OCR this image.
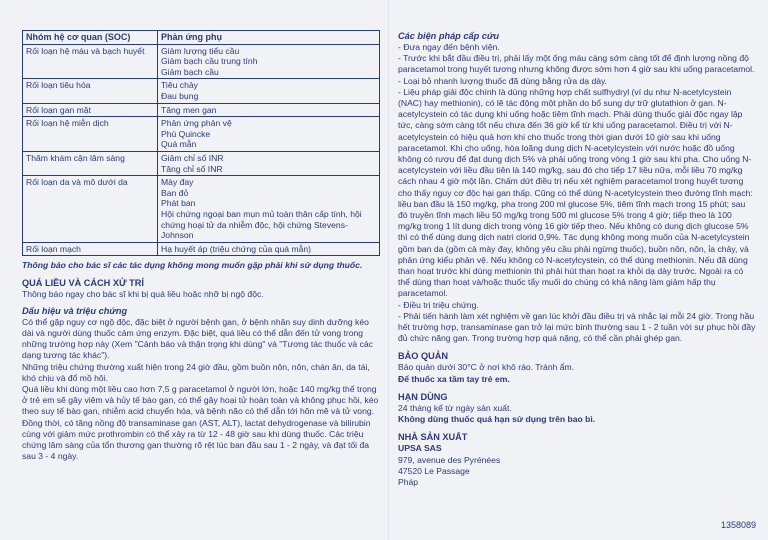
Nhóm hệ cơ quan (SOC)	Phản ứng phụ
Rối loạn hệ máu và bạch huyết	Giảm lượng tiểu cầu
Giảm bạch cầu trung tính
Giảm bạch cầu

Rối loạn tiêu hóa	Tiêu chảy
Đau bụng

Rối loạn gan mật	Tăng men gan

Rối loạn hệ miễn dịch	Phản ứng phản vệ
Phù Quincke
Quá mẫn

Thăm khám cận lâm sàng	Giảm chỉ số INR
Tăng chỉ số INR

Rối loạn da và mô dưới da	Mày đay
Ban đỏ
Phát ban
Hội chứng ngoại ban mụn mủ toàn thân cấp tính, hội chứng hoại tử da nhiễm độc, hội chứng Stevens-Johnson

Rối loạn mạch	Hạ huyết áp (triệu chứng của quá mẫn)

Thông báo cho bác sĩ các tác dụng không mong muốn gặp phải khi sử dụng thuốc.

QUÁ LIỀU VÀ CÁCH XỬ TRÍ

Thông báo ngay cho bác sĩ khi bị quá liều hoặc nhỡ bị ngộ độc.

Dấu hiệu và triệu chứng

Có thể gặp nguy cơ ngộ độc, đặc biệt ở người bệnh gan, ở bệnh nhân suy dinh dưỡng kéo dài và người dùng thuốc cảm ứng enzym. Đặc biệt, quá liều có thể dẫn đến tử vong trong những trường hợp này (Xem "Cảnh báo và thận trọng khi dùng" và "Tương tác thuốc và các dạng tương tác khác").

Những triệu chứng thường xuất hiện trong 24 giờ đầu, gồm buồn nôn, nôn, chán ăn, da tái, khó chịu và đổ mồ hôi.

Quá liều khi dùng một liều cao hơn 7,5 g paracetamol ở người lớn, hoặc 140 mg/kg thể trọng ở trẻ em sẽ gây viêm và hủy tế bào gan, có thể gây hoại tử hoàn toàn và không phục hồi, kéo theo suy tế bào gan, nhiễm acid chuyển hóa, và bệnh não có thể dẫn tới hôn mê và tử vong.

Đồng thời, có tăng nồng độ transaminase gan (AST, ALT), lactat dehydrogenase và bilirubin cùng với giảm mức prothrombin có thể xảy ra từ 12 - 48 giờ sau khi dùng thuốc. Các triệu chứng lâm sàng của tổn thương gan thường rõ rệt lúc ban đầu sau 1 - 2 ngày, và đạt tối đa sau 3 - 4 ngày.

Các biện pháp cấp cứu

- Đưa ngay đến bệnh viện.

- Trước khi bắt đầu điều trị, phải lấy một ống máu càng sớm càng tốt để định lượng nồng độ paracetamol trong huyết tương nhưng không được sớm hơn 4 giờ sau khi uống paracetamol.

- Loại bỏ nhanh lượng thuốc đã dùng bằng rửa dạ dày.

- Liệu pháp giải độc chính là dùng những hợp chất sulfhydryl (ví dụ như N-acetylcystein (NAC) hay methionin), có lẽ tác động một phần do bổ sung dự trữ glutathion ở gan. N-acetylcystein có tác dụng khi uống hoặc tiêm tĩnh mạch. Phải dùng thuốc giải độc ngay lập tức, càng sớm càng tốt nếu chưa đến 36 giờ kể từ khi uống paracetamol. Điều trị với N-acetylcystein có hiệu quả hơn khi cho thuốc trong thời gian dưới 10 giờ sau khi uống paracetamol. Khi cho uống, hòa loãng dung dịch N-acetylcystein với nước hoặc đồ uống không có rượu để đạt dung dịch 5% và phải uống trong vòng 1 giờ sau khi pha. Cho uống N-acetylcystein với liều đầu tiên là 140 mg/kg, sau đó cho tiếp 17 liều nữa, mỗi liều 70 mg/kg cách nhau 4 giờ một lần. Chấm dứt điều trị nếu xét nghiệm paracetamol trong huyết tương cho thấy nguy cơ độc hại gan thấp. Cũng có thể dùng N-acetylcystein theo đường tĩnh mạch: liều ban đầu là 150 mg/kg, pha trong 200 ml glucose 5%, tiêm tĩnh mạch trong 15 phút; sau đó truyền tĩnh mạch liều 50 mg/kg trong 500 ml glucose 5% trong 4 giờ; tiếp theo là 100 mg/kg trong 1 lít dung dịch trong vòng 16 giờ tiếp theo. Nếu không có dung dịch glucose 5% thì có thể dùng dung dịch natri clorid 0,9%. Tác dụng không mong muốn của N-acetylcystein gồm ban da (gồm cả mày đay, không yêu cầu phải ngừng thuốc), buồn nôn, nôn, ỉa chảy, và phản ứng kiểu phản vệ. Nếu không có N-acetylcystein, có thể dùng methionin. Nếu đã dùng than hoạt trước khi dùng methionin thì phải hút than hoạt ra khỏi dạ dày trước. Ngoài ra có thể dùng than hoạt và/hoặc thuốc tẩy muối do chúng có khả năng làm giảm hấp thụ paracetamol.

- Điều trị triệu chứng.

- Phải tiến hành làm xét nghiệm về gan lúc khởi đầu điều trị và nhắc lại mỗi 24 giờ. Trong hầu hết trường hợp, transaminase gan trở lại mức bình thường sau 1 - 2 tuần với sự phục hồi đầy đủ chức năng gan. Trong trường hợp quá nặng, có thể cần phải ghép gan.

BẢO QUẢN

Bảo quản dưới 30°C ở nơi khô ráo. Tránh ẩm.

Để thuốc xa tầm tay trẻ em.

HẠN DÙNG

24 tháng kể từ ngày sản xuất.

Không dùng thuốc quá hạn sử dụng trên bao bì.

NHÀ SẢN XUẤT

UPSA SAS

979, avenue des Pyrénées

47520 Le Passage

Pháp

1358089
